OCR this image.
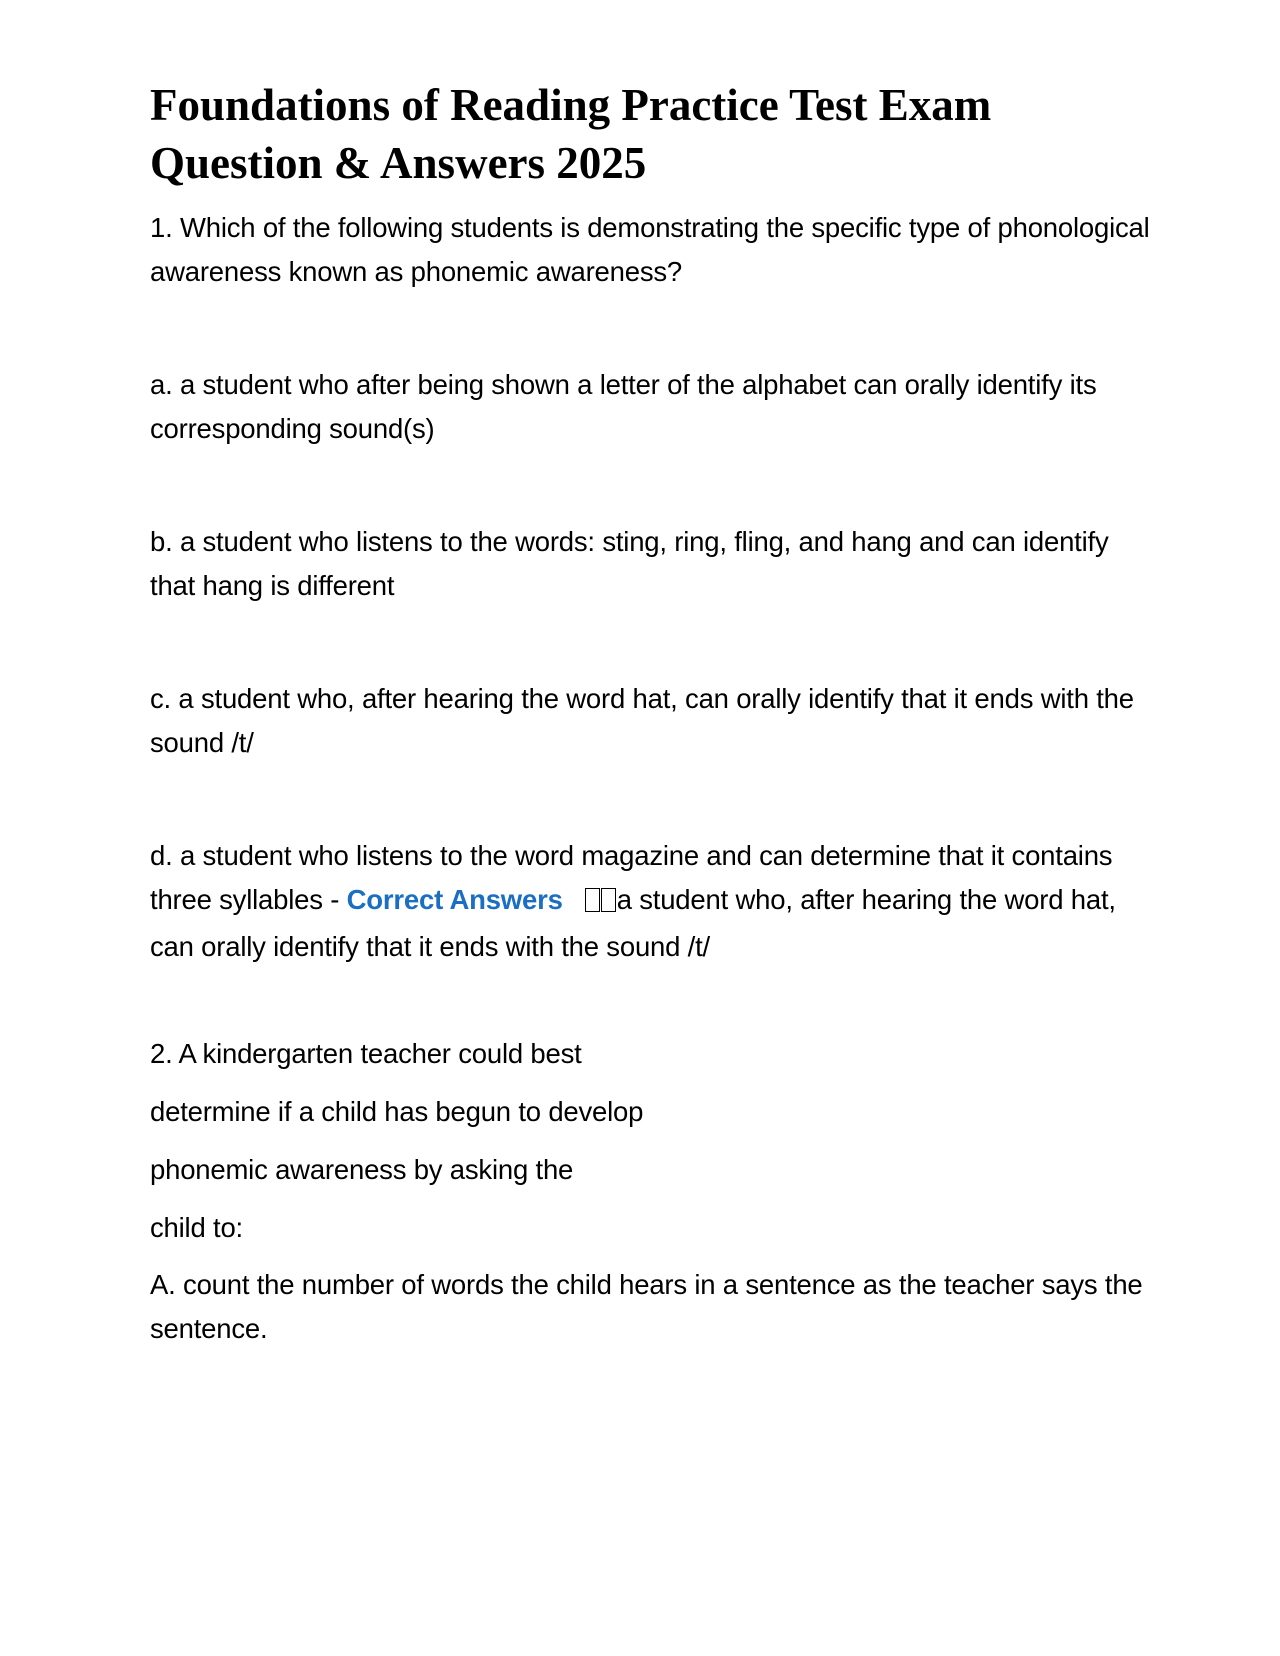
Foundations of Reading Practice Test Exam Question & Answers 2025

1. Which of the following students is demonstrating the specific type of phonological awareness known as phonemic awareness?

a. a student who after being shown a letter of the alphabet can orally identify its corresponding sound(s)

b. a student who listens to the words: sting, ring, fling, and hang and can identify that hang is different

c. a student who, after hearing the word hat, can orally identify that it ends with the sound /t/

d. a student who listens to the word magazine and can determine that it contains three syllables - Correct Answers a student who, after hearing the word hat, can orally identify that it ends with the sound /t/

2. A kindergarten teacher could best

determine if a child has begun to develop

phonemic awareness by asking the

child to:

A. count the number of words the child hears in a sentence as the teacher says the sentence.
